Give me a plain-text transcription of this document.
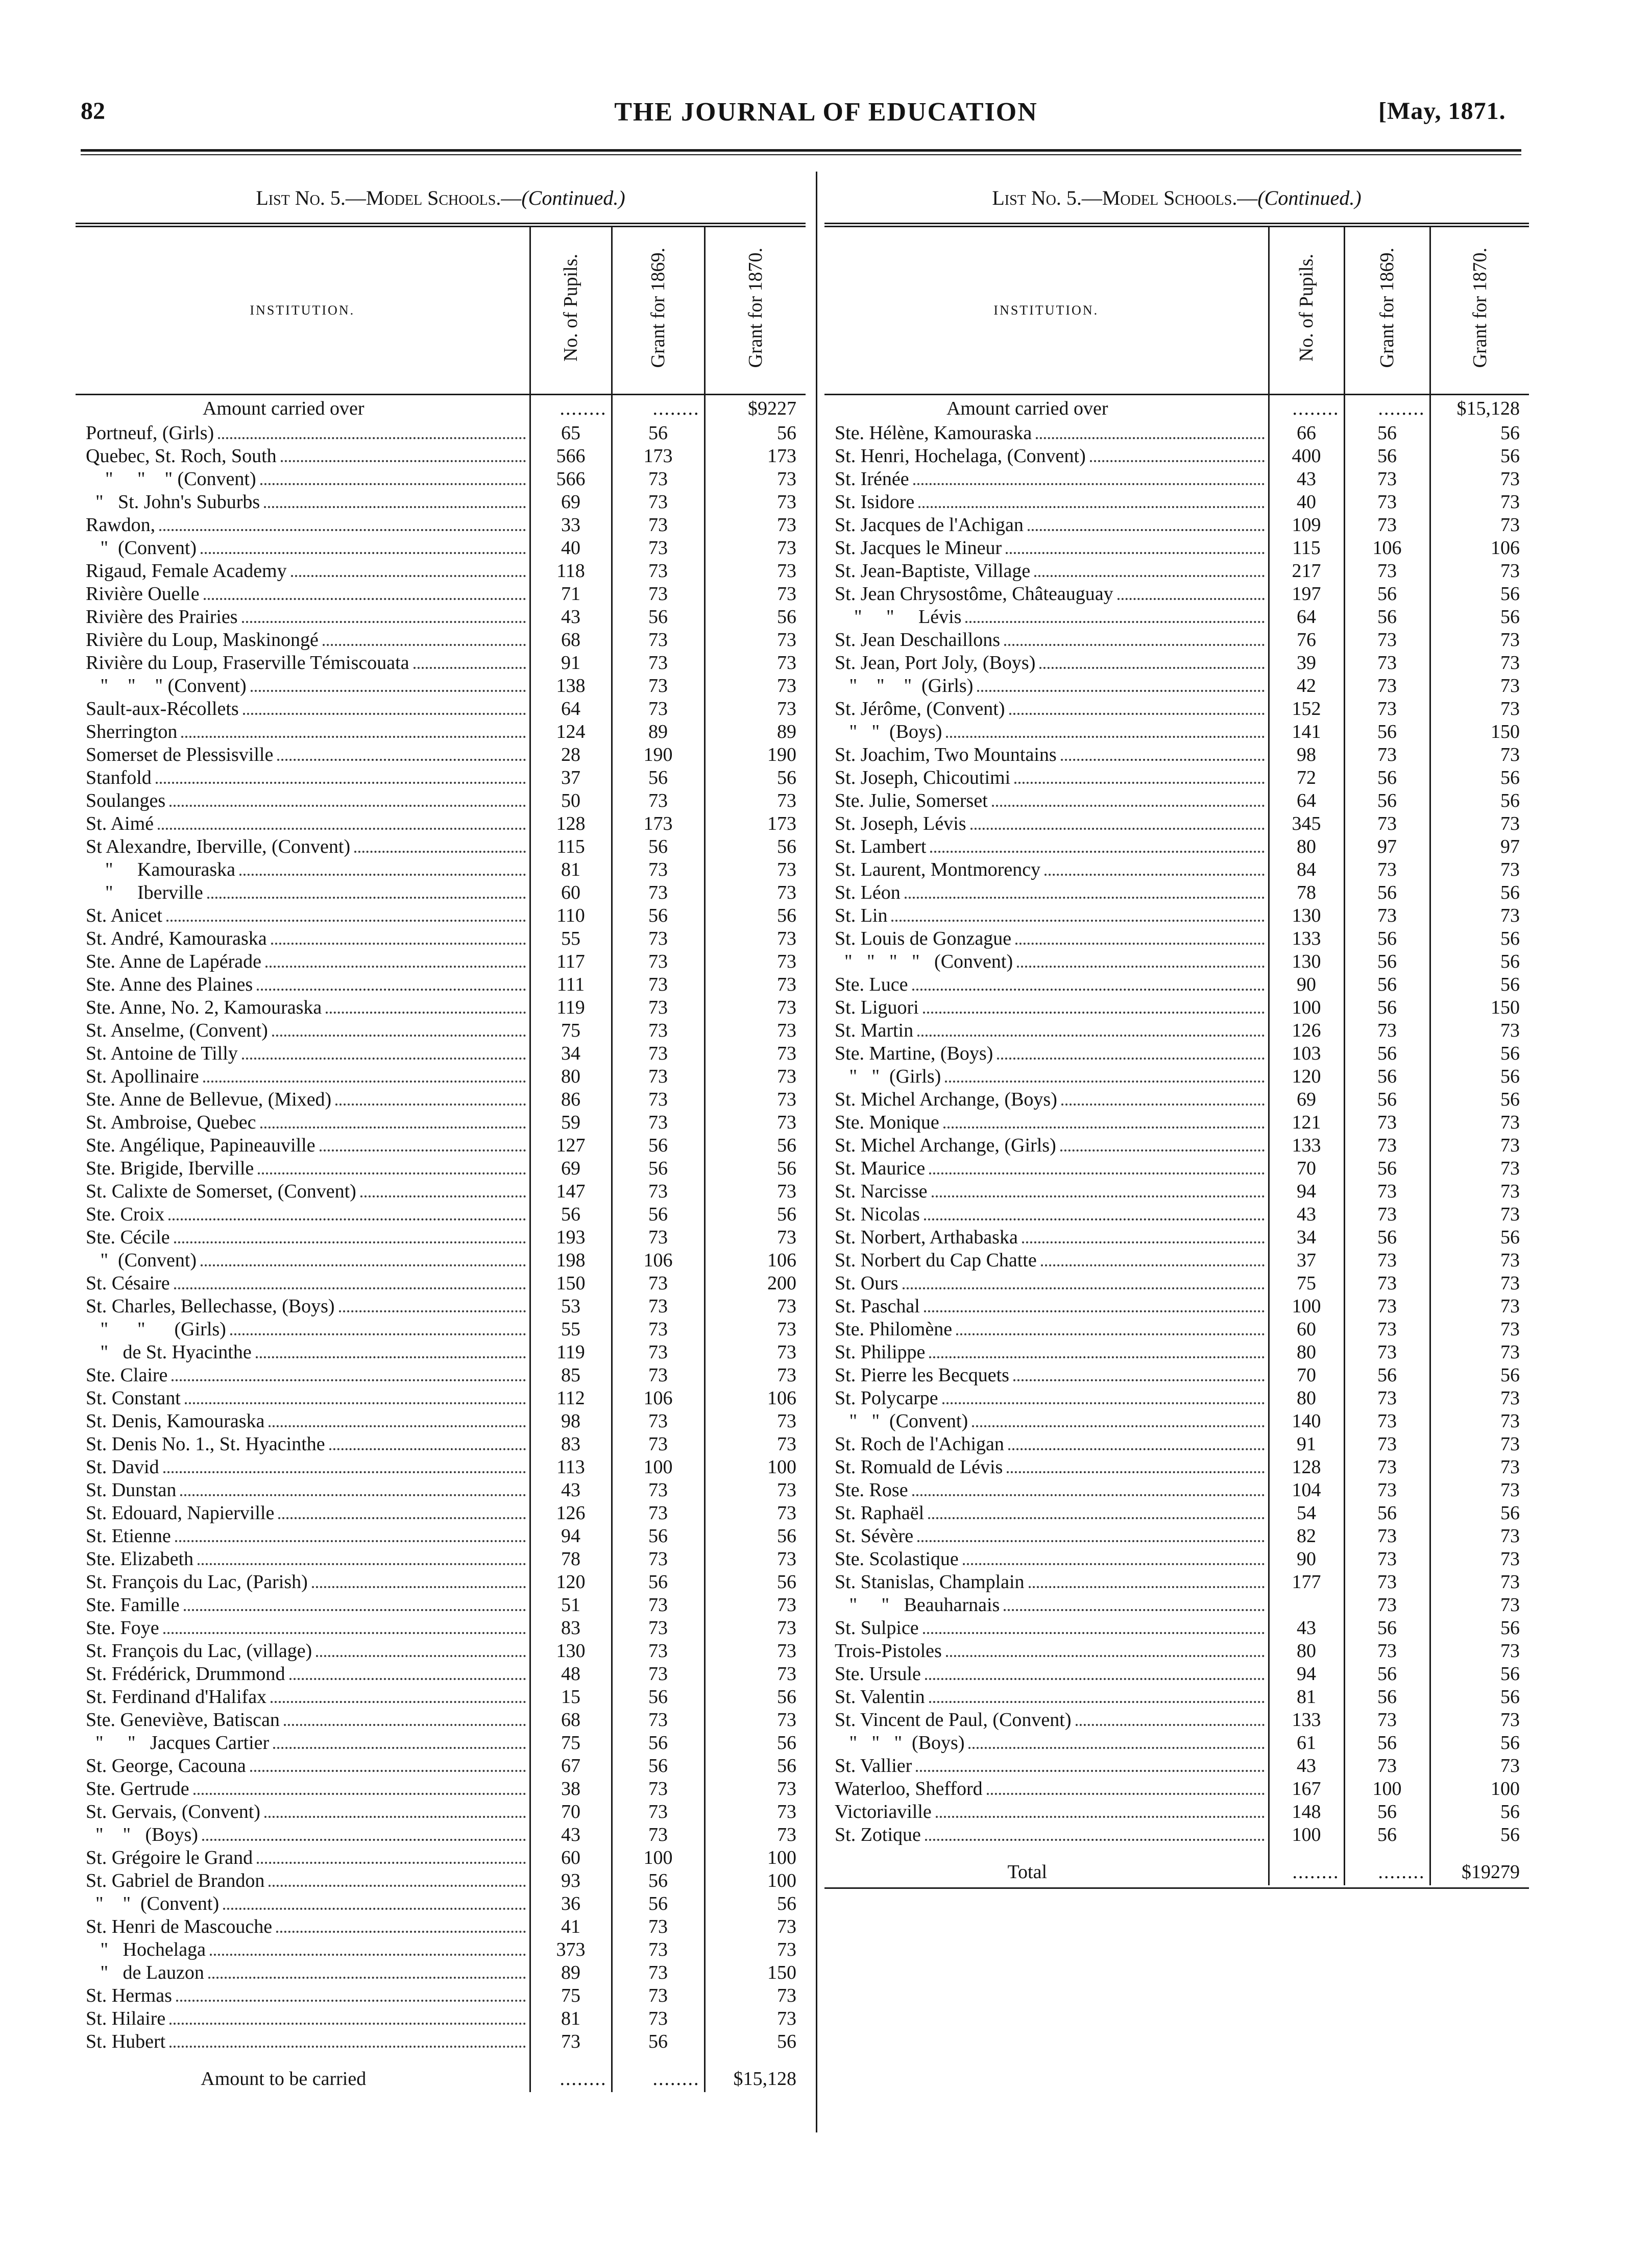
82	THE JOURNAL OF EDUCATION	[May, 1871.
List No. 5.—Model Schools.—(Continued.)
INSTITUTION.	No. of Pupils.	Grant for 1869.	Grant for 1870.

Amount carried over	........	........	$9227

Portneuf, (Girls)	65	56	56

Quebec, St. Roch, South	566	173	173

"     "    " (Convent)	566	73	73

"   St. John's Suburbs	69	73	73

Rawdon,	33	73	73

"  (Convent)	40	73	73

Rigaud, Female Academy	118	73	73

Rivière Ouelle	71	73	73

Rivière des Prairies	43	56	56

Rivière du Loup, Maskinongé	68	73	73

Rivière du Loup, Fraserville Témiscouata	91	73	73

"    "    " (Convent)	138	73	73

Sault-aux-Récollets	64	73	73

Sherrington	124	89	89

Somerset de Plessisville	28	190	190

Stanfold	37	56	56

Soulanges	50	73	73

St. Aimé	128	173	173

St Alexandre, Iberville, (Convent)	115	56	56

"     Kamouraska	81	73	73

"     Iberville	60	73	73

St. Anicet	110	56	56

St. André, Kamouraska	55	73	73

Ste. Anne de Lapérade	117	73	73

Ste. Anne des Plaines	111	73	73

Ste. Anne, No. 2, Kamouraska	119	73	73

St. Anselme, (Convent)	75	73	73

St. Antoine de Tilly	34	73	73

St. Apollinaire	80	73	73

Ste. Anne de Bellevue, (Mixed)	86	73	73

St. Ambroise, Quebec	59	73	73

Ste. Angélique, Papineauville	127	56	56

Ste. Brigide, Iberville	69	56	56

St. Calixte de Somerset, (Convent)	147	73	73

Ste. Croix	56	56	56

Ste. Cécile	193	73	73

"  (Convent)	198	106	106

St. Césaire	150	73	200

St. Charles, Bellechasse, (Boys)	53	73	73

"      "      (Girls)	55	73	73

"   de St. Hyacinthe	119	73	73

Ste. Claire	85	73	73

St. Constant	112	106	106

St. Denis, Kamouraska	98	73	73

St. Denis No. 1., St. Hyacinthe	83	73	73

St. David	113	100	100

St. Dunstan	43	73	73

St. Edouard, Napierville	126	73	73

St. Etienne	94	56	56

Ste. Elizabeth	78	73	73

St. François du Lac, (Parish)	120	56	56

Ste. Famille	51	73	73

Ste. Foye	83	73	73

St. François du Lac, (village)	130	73	73

St. Frédérick, Drummond	48	73	73

St. Ferdinand d'Halifax	15	56	56

Ste. Geneviève, Batiscan	68	73	73

"     "   Jacques Cartier	75	56	56

St. George, Cacouna	67	56	56

Ste. Gertrude	38	73	73

St. Gervais, (Convent)	70	73	73

"    "   (Boys)	43	73	73

St. Grégoire le Grand	60	100	100

St. Gabriel de Brandon	93	56	100

"    "  (Convent)	36	56	56

St. Henri de Mascouche	41	73	73

"   Hochelaga	373	73	73

"   de Lauzon	89	73	150

St. Hermas	75	73	73

St. Hilaire	81	73	73

St. Hubert	73	56	56

Amount to be carried	........	........	$15,128
List No. 5.—Model Schools.—(Continued.)
INSTITUTION.	No. of Pupils.	Grant for 1869.	Grant for 1870.

Amount carried over	........	........	$15,128

Ste. Hélène, Kamouraska	66	56	56

St. Henri, Hochelaga, (Convent)	400	56	56

St. Irénée	43	73	73

St. Isidore	40	73	73

St. Jacques de l'Achigan	109	73	73

St. Jacques le Mineur	115	106	106

St. Jean-Baptiste, Village	217	73	73

St. Jean Chrysostôme, Châteauguay	197	56	56

"     "     Lévis	64	56	56

St. Jean Deschaillons	76	73	73

St. Jean, Port Joly, (Boys)	39	73	73

"    "    "  (Girls)	42	73	73

St. Jérôme, (Convent)	152	73	73

"   "  (Boys)	141	56	150

St. Joachim, Two Mountains	98	73	73

St. Joseph, Chicoutimi	72	56	56

Ste. Julie, Somerset	64	56	56

St. Joseph, Lévis	345	73	73

St. Lambert	80	97	97

St. Laurent, Montmorency	84	73	73

St. Léon	78	56	56

St. Lin	130	73	73

St. Louis de Gonzague	133	56	56

"   "   "   "   (Convent)	130	56	56

Ste. Luce	90	56	56

St. Liguori	100	56	150

St. Martin	126	73	73

Ste. Martine, (Boys)	103	56	56

"   "  (Girls)	120	56	56

St. Michel Archange, (Boys)	69	56	56

Ste. Monique	121	73	73

St. Michel Archange, (Girls)	133	73	73

St. Maurice	70	56	73

St. Narcisse	94	73	73

St. Nicolas	43	73	73

St. Norbert, Arthabaska	34	56	56

St. Norbert du Cap Chatte	37	73	73

St. Ours	75	73	73

St. Paschal	100	73	73

Ste. Philomène	60	73	73

St. Philippe	80	73	73

St. Pierre les Becquets	70	56	56

St. Polycarpe	80	73	73

"   "  (Convent)	140	73	73

St. Roch de l'Achigan	91	73	73

St. Romuald de Lévis	128	73	73

Ste. Rose	104	73	73

St. Raphaël	54	56	56

St. Sévère	82	73	73

Ste. Scolastique	90	73	73

St. Stanislas, Champlain	177	73	73

"     "   Beauharnais		73	73

St. Sulpice	43	56	56

Trois-Pistoles	80	73	73

Ste. Ursule	94	56	56

St. Valentin	81	56	56

St. Vincent de Paul, (Convent)	133	73	73

"   "   "  (Boys)	61	56	56

St. Vallier	43	73	73

Waterloo, Shefford	167	100	100

Victoriaville	148	56	56

St. Zotique	100	56	56

Total	........	........	$19279
